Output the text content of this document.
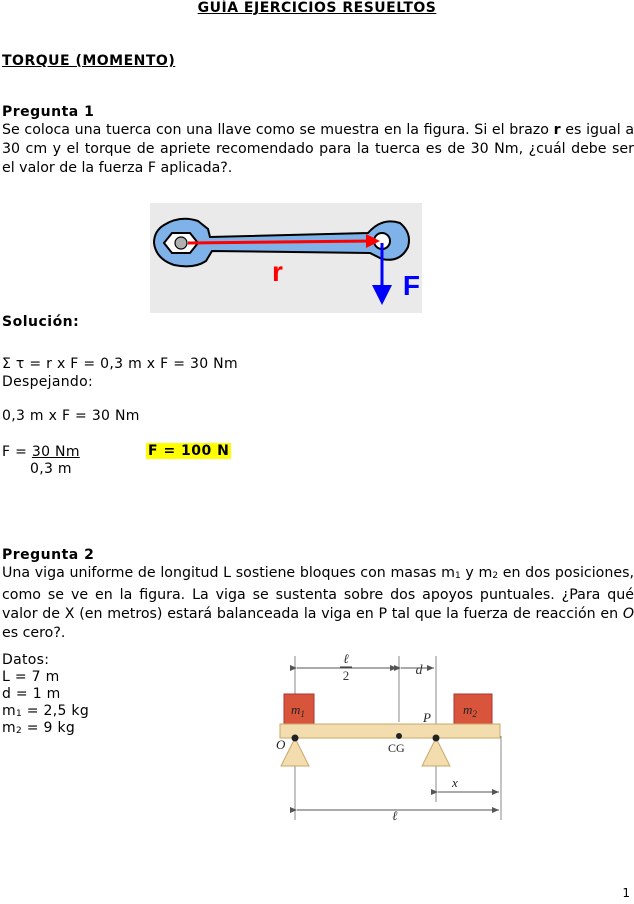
GUÍA EJERCICIOS RESUELTOS
TORQUE (MOMENTO)
Pregunta 1
Se coloca una tuerca con una llave como se muestra en la figura. Si el brazo r es igual a 30 cm y el torque de apriete recomendado para la tuerca es de 30 Nm, ¿cuál debe ser el valor de la fuerza F aplicada?.
r	F
Solución:
Σ τ = r x F = 0,3 m x F = 30 Nm
Despejando:
0,3 m x F = 30 Nm
F = 30 Nm
0,3 m
F = 100 N
Pregunta 2
Una viga uniforme de longitud L sostiene bloques con masas $m_1$ y $m_2$ en dos posiciones, como se ve en la figura. La viga se sustenta sobre dos apoyos puntuales. ¿Para qué valor de X (en metros) estará balanceada la viga en P tal que la fuerza de reacción en O es cero?.
Datos:
L = 7 m
d = 1 m
$m_1 = 2,5$ kg
$m_2 = 9$ kg
ℓ
2	d
$m_1$	$m_2$
O
P
CG
x
ℓ
1
